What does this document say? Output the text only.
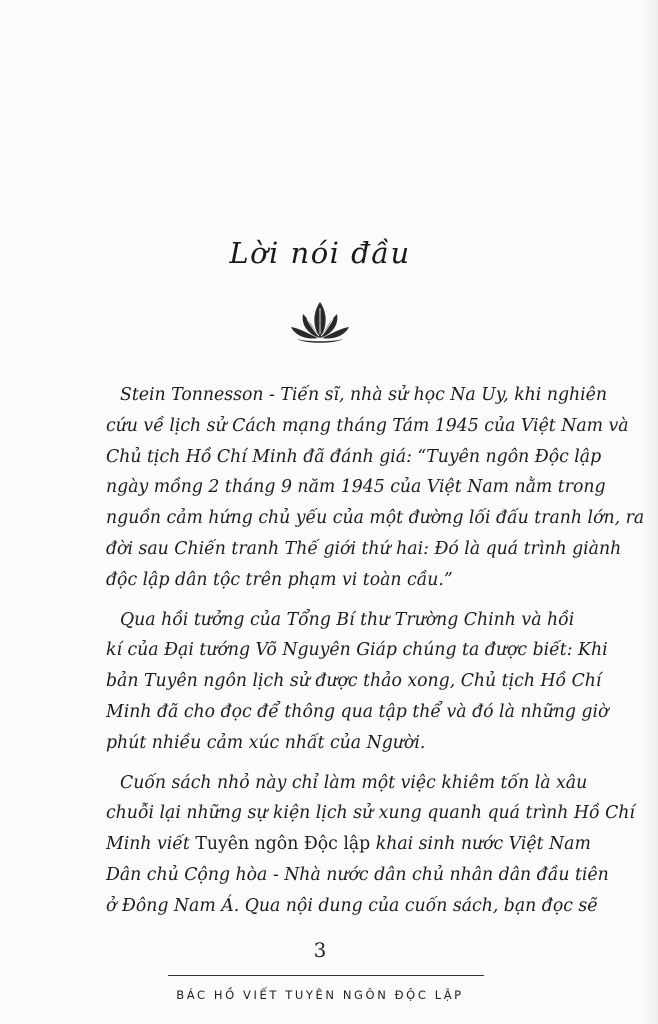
Lời nói đầu

Stein Tonnesson - Tiến sĩ, nhà sử học Na Uy, khi nghiên
cứu về lịch sử Cách mạng tháng Tám 1945 của Việt Nam và
Chủ tịch Hồ Chí Minh đã đánh giá: “Tuyên ngôn Độc lập
ngày mồng 2 tháng 9 năm 1945 của Việt Nam nằm trong
nguồn cảm hứng chủ yếu của một đường lối đấu tranh lớn, ra
đời sau Chiến tranh Thế giới thứ hai: Đó là quá trình giành
độc lập dân tộc trên phạm vi toàn cầu.”

Qua hồi tưởng của Tổng Bí thư Trường Chinh và hồi
kí của Đại tướng Võ Nguyên Giáp chúng ta được biết: Khi
bản Tuyên ngôn lịch sử được thảo xong, Chủ tịch Hồ Chí
Minh đã cho đọc để thông qua tập thể và đó là những giờ
phút nhiều cảm xúc nhất của Người.

Cuốn sách nhỏ này chỉ làm một việc khiêm tốn là xâu
chuỗi lại những sự kiện lịch sử xung quanh quá trình Hồ Chí
Minh viết Tuyên ngôn Độc lập khai sinh nước Việt Nam
Dân chủ Cộng hòa - Nhà nước dân chủ nhân dân đầu tiên
ở Đông Nam Á. Qua nội dung của cuốn sách, bạn đọc sẽ

3
BÁC HỒ VIẾT TUYÊN NGÔN ĐỘC LẬP
